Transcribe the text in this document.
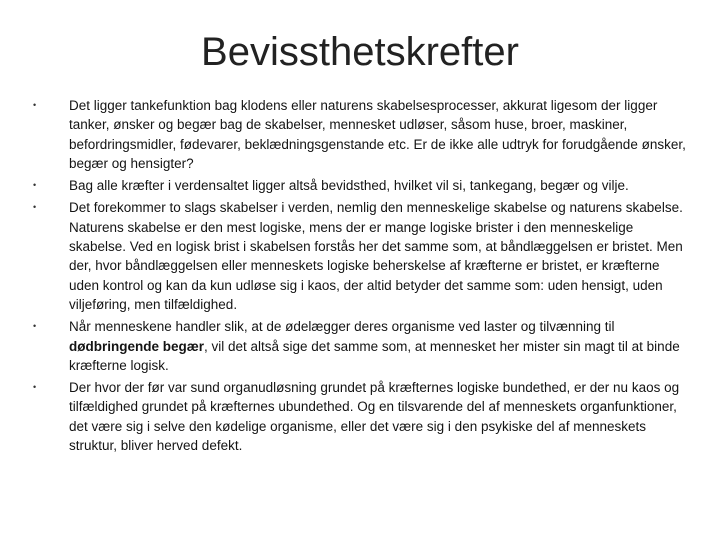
Bevissthetskrefter
• Det ligger tankefunktion bag klodens eller naturens skabelsesprocesser, akkurat ligesom der ligger tanker, ønsker og begær bag de skabelser, mennesket udløser, såsom huse, broer, maskiner, befordringsmidler, fødevarer, beklædningsgenstande etc. Er de ikke alle udtryk for forudgående ønsker, begær og hensigter?
• Bag alle kræfter i verdensaltet ligger altså bevidsthed, hvilket vil si, tankegang, begær og vilje.
• Det forekommer to slags skabelser i verden, nemlig den menneskelige skabelse og naturens skabelse. Naturens skabelse er den mest logiske, mens der er mange logiske brister i den menneskelige skabelse. Ved en logisk brist i skabelsen forstås her det samme som, at båndlæggelsen er bristet. Men der, hvor båndlæggelsen eller menneskets logiske beherskelse af kræfterne er bristet, er kræfterne uden kontrol og kan da kun udløse sig i kaos, der altid betyder det samme som: uden hensigt, uden viljeføring, men tilfældighed.
• Når menneskene handler slik, at de ødelægger deres organisme ved laster og tilvænning til dødbringende begær, vil det altså sige det samme som, at mennesket her mister sin magt til at binde kræfterne logisk.
• Der hvor der før var sund organudløsning grundet på kræfternes logiske bundethed, er der nu kaos og tilfældighed grundet på kræfternes ubundethed. Og en tilsvarende del af menneskets organfunktioner, det være sig i selve den kødelige organisme, eller det være sig i den psykiske del af menneskets struktur, bliver herved defekt.
